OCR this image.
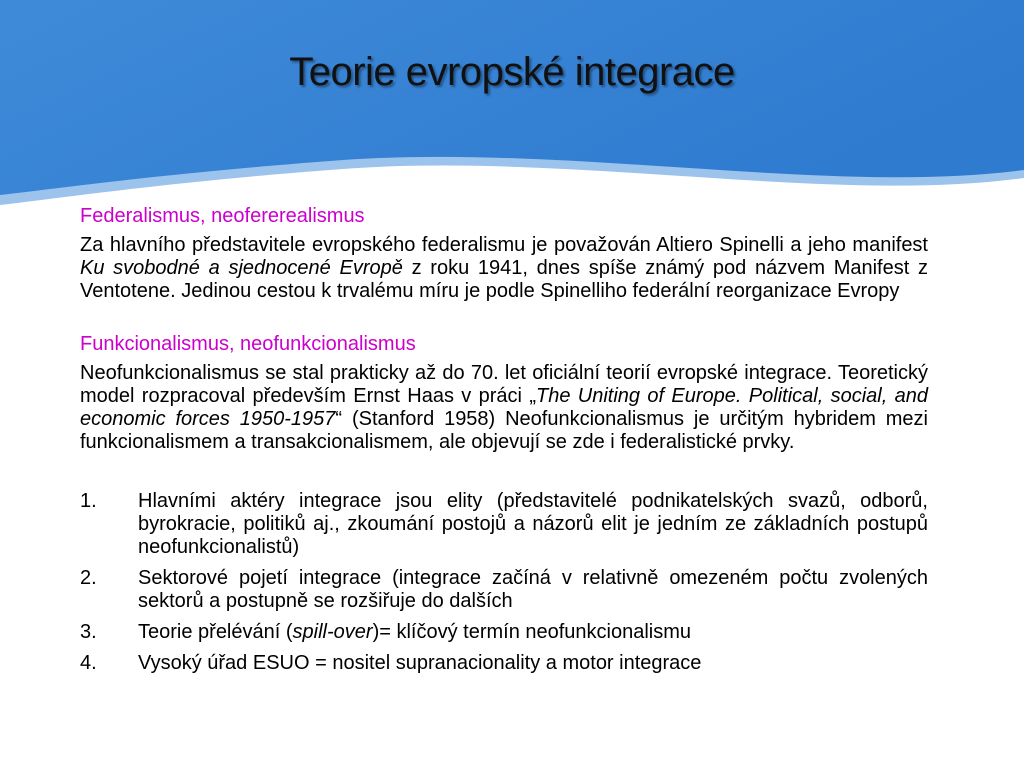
Teorie evropské integrace

Federalismus, neofererealismus

Za hlavního představitele evropského federalismu je považován Altiero Spinelli a jeho manifest Ku svobodné a sjednocené Evropě z roku 1941, dnes spíše známý pod názvem Manifest z Ventotene. Jedinou cestou k trvalému míru je podle Spinelliho federální reorganizace Evropy

Funkcionalismus, neofunkcionalismus

Neofunkcionalismus se stal prakticky až do 70. let oficiální teorií evropské integrace. Teoretický model rozpracoval především Ernst Haas v práci „The Uniting of Europe. Political, social, and economic forces 1950-1957“ (Stanford 1958) Neofunkcionalismus je určitým hybridem mezi funkcionalismem a transakcionalismem, ale objevují se zde i federalistické prvky.

1.	Hlavními aktéry integrace jsou elity (představitelé podnikatelských svazů, odborů, byrokracie, politiků aj., zkoumání postojů a názorů elit je jedním ze základních postupů neofunkcionalistů)
2.	Sektorové pojetí integrace (integrace začíná v relativně omezeném počtu zvolených sektorů a postupně se rozšiřuje do dalších
3.	Teorie přelévání (spill-over)= klíčový termín neofunkcionalismu
4.	Vysoký úřad ESUO = nositel supranacionality a motor integrace
